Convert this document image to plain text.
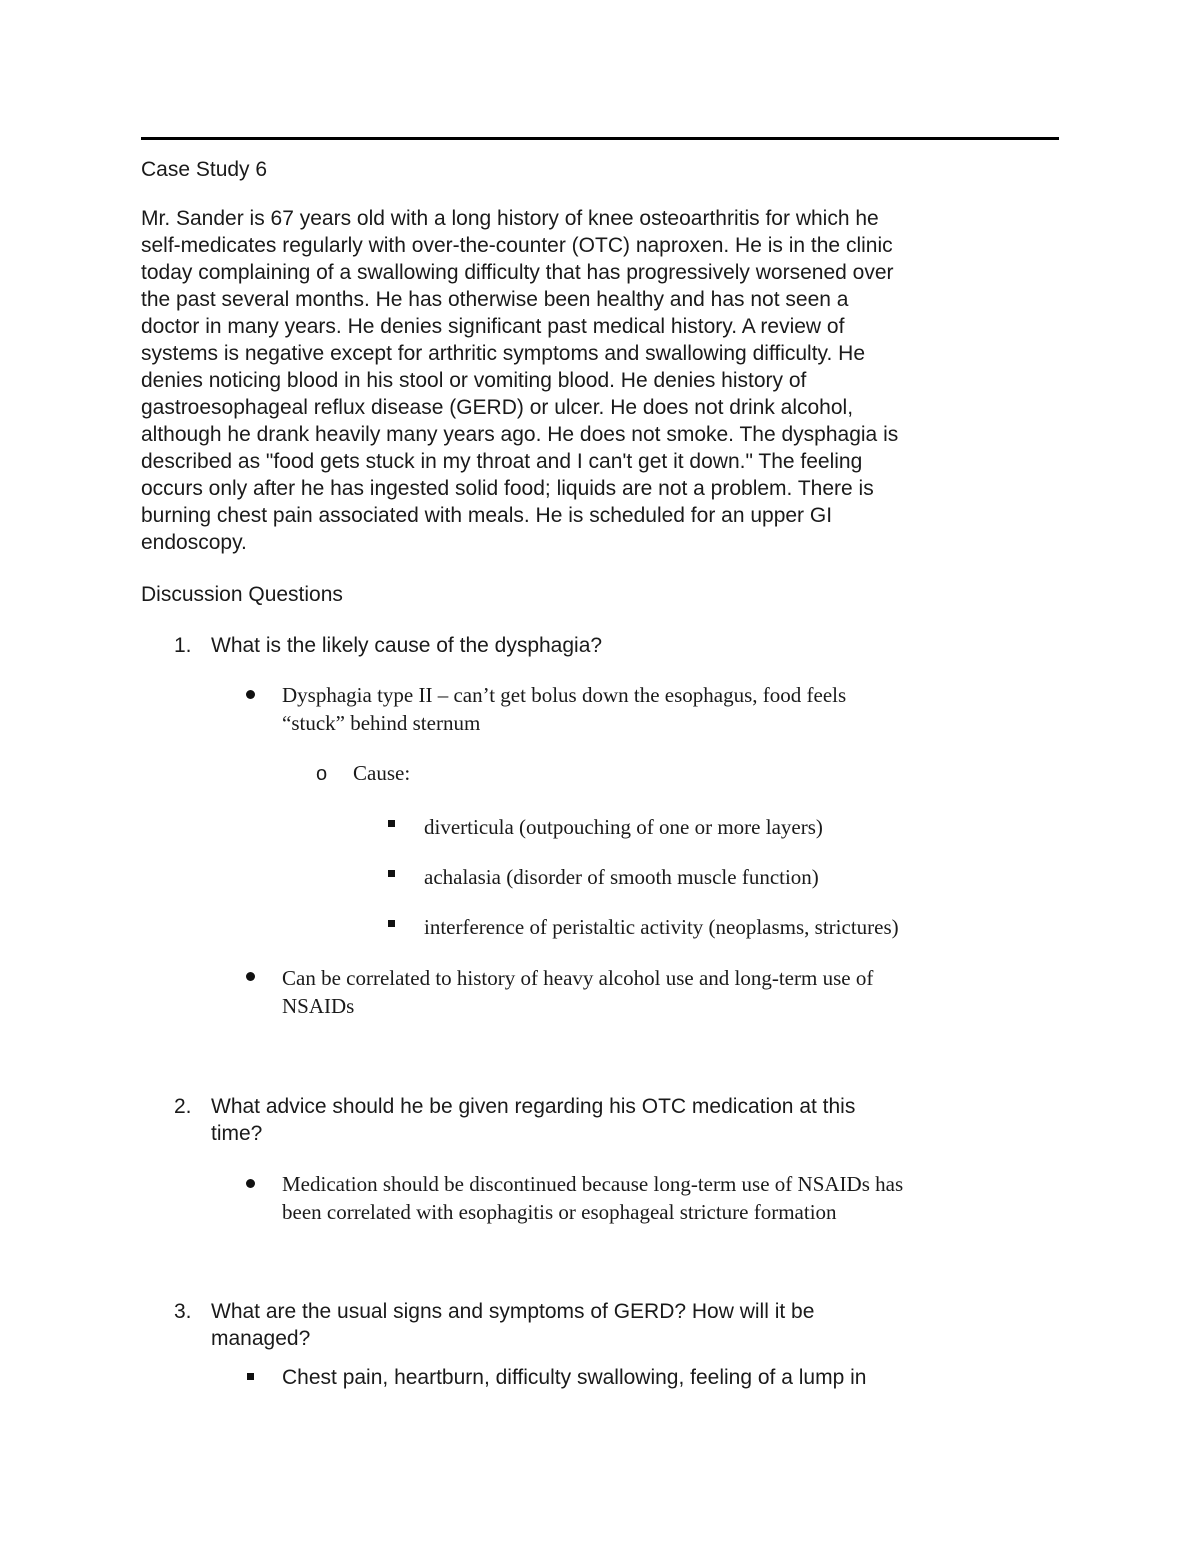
Case Study 6
Mr. Sander is 67 years old with a long history of knee osteoarthritis for which he
self-medicates regularly with over-the-counter (OTC) naproxen. He is in the clinic
today complaining of a swallowing difficulty that has progressively worsened over
the past several months. He has otherwise been healthy and has not seen a
doctor in many years. He denies significant past medical history. A review of
systems is negative except for arthritic symptoms and swallowing difficulty. He
denies noticing blood in his stool or vomiting blood. He denies history of
gastroesophageal reflux disease (GERD) or ulcer. He does not drink alcohol,
although he drank heavily many years ago. He does not smoke. The dysphagia is
described as "food gets stuck in my throat and I can't get it down." The feeling
occurs only after he has ingested solid food; liquids are not a problem. There is
burning chest pain associated with meals. He is scheduled for an upper GI
endoscopy.
Discussion Questions
1. What is the likely cause of the dysphagia?
Dysphagia type II – can’t get bolus down the esophagus, food feels
“stuck” behind sternum
o Cause:
diverticula (outpouching of one or more layers)
achalasia (disorder of smooth muscle function)
interference of peristaltic activity (neoplasms, strictures)
Can be correlated to history of heavy alcohol use and long-term use of
NSAIDs
2. What advice should he be given regarding his OTC medication at this
time?
Medication should be discontinued because long-term use of NSAIDs has
been correlated with esophagitis or esophageal stricture formation
3. What are the usual signs and symptoms of GERD? How will it be
managed?
Chest pain, heartburn, difficulty swallowing, feeling of a lump in
